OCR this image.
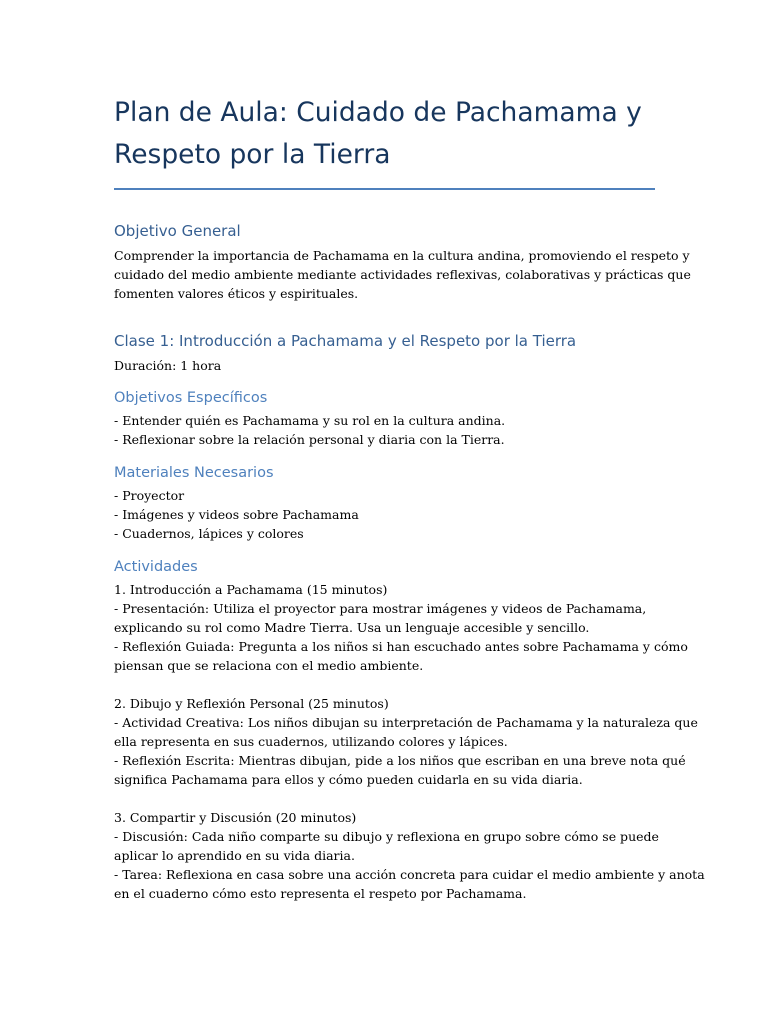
Plan de Aula: Cuidado de Pachamama y
Respeto por la Tierra
Objetivo General

Comprender la importancia de Pachamama en la cultura andina, promoviendo el respeto y
cuidado del medio ambiente mediante actividades reflexivas, colaborativas y prácticas que
fomenten valores éticos y espirituales.

Clase 1: Introducción a Pachamama y el Respeto por la Tierra

Duración: 1 hora

Objetivos Específicos

- Entender quién es Pachamama y su rol en la cultura andina.
- Reflexionar sobre la relación personal y diaria con la Tierra.

Materiales Necesarios

- Proyector
- Imágenes y videos sobre Pachamama
- Cuadernos, lápices y colores

Actividades

1. Introducción a Pachamama (15 minutos)
- Presentación: Utiliza el proyector para mostrar imágenes y videos de Pachamama,
explicando su rol como Madre Tierra. Usa un lenguaje accesible y sencillo.
- Reflexión Guiada: Pregunta a los niños si han escuchado antes sobre Pachamama y cómo
piensan que se relaciona con el medio ambiente.

2. Dibujo y Reflexión Personal (25 minutos)
- Actividad Creativa: Los niños dibujan su interpretación de Pachamama y la naturaleza que
ella representa en sus cuadernos, utilizando colores y lápices.
- Reflexión Escrita: Mientras dibujan, pide a los niños que escriban en una breve nota qué
significa Pachamama para ellos y cómo pueden cuidarla en su vida diaria.

3. Compartir y Discusión (20 minutos)
- Discusión: Cada niño comparte su dibujo y reflexiona en grupo sobre cómo se puede
aplicar lo aprendido en su vida diaria.
- Tarea: Reflexiona en casa sobre una acción concreta para cuidar el medio ambiente y anota
en el cuaderno cómo esto representa el respeto por Pachamama.
